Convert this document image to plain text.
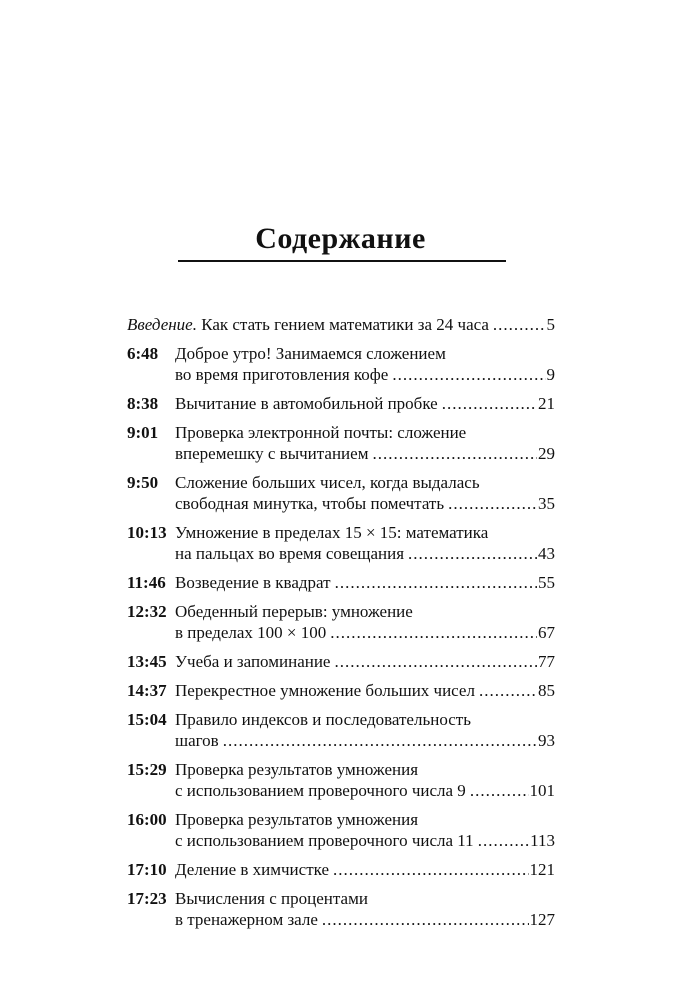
Содержание
Введение. Как стать гением математики за 24 часа .....	5
6:48 Доброе утро! Занимаемся сложением
во время приготовления кофе .....	9
8:38 Вычитание в автомобильной пробке .....	21
9:01 Проверка электронной почты: сложение
вперемешку с вычитанием .....	29
9:50 Сложение больших чисел, когда выдалась
свободная минутка, чтобы помечтать .....	35
10:13 Умножение в пределах 15 × 15: математика
на пальцах во время совещания .....	43
11:46 Возведение в квадрат .....	55
12:32 Обеденный перерыв: умножение
в пределах 100 × 100 .....	67
13:45 Учеба и запоминание .....	77
14:37 Перекрестное умножение больших чисел .....	85
15:04 Правило индексов и последовательность
шагов .....	93
15:29 Проверка результатов умножения
с использованием проверочного числа 9 .....	101
16:00 Проверка результатов умножения
с использованием проверочного числа 11 .....	113
17:10 Деление в химчистке .....	121
17:23 Вычисления с процентами
в тренажерном зале .....	127
